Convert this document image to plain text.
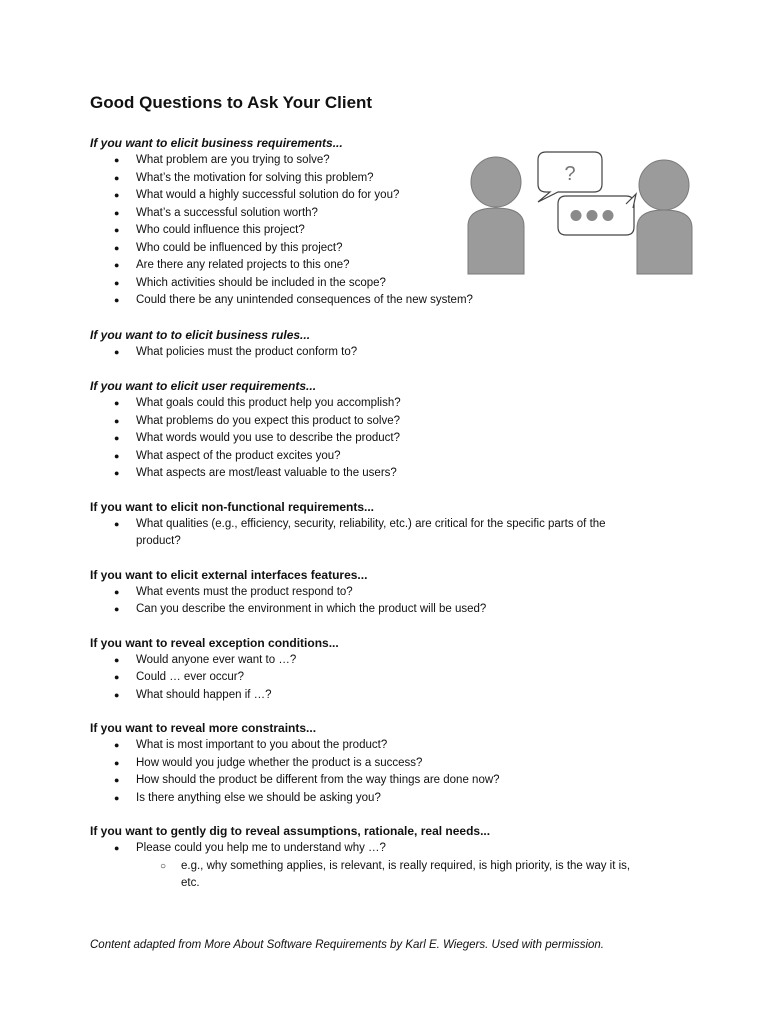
Good Questions to Ask Your Client
?

If you want to elicit business requirements...

● What problem are you trying to solve?
● What’s the motivation for solving this problem?
● What would a highly successful solution do for you?
● What’s a successful solution worth?
● Who could influence this project?
● Who could be influenced by this project?
● Are there any related projects to this one?
● Which activities should be included in the scope?
● Could there be any unintended consequences of the new system?

If you want to to elicit business rules...

● What policies must the product conform to?

If you want to elicit user requirements...

● What goals could this product help you accomplish?
● What problems do you expect this product to solve?
● What words would you use to describe the product?
● What aspect of the product excites you?
● What aspects are most/least valuable to the users?

If you want to elicit non-functional requirements...

● What qualities (e.g., efficiency, security, reliability, etc.) are critical for the specific parts of the product?

If you want to elicit external interfaces features...

● What events must the product respond to?
● Can you describe the environment in which the product will be used?

If you want to reveal exception conditions...

● Would anyone ever want to …?
● Could … ever occur?
● What should happen if …?

If you want to reveal more constraints...

● What is most important to you about the product?
● How would you judge whether the product is a success?
● How should the product be different from the way things are done now?
● Is there anything else we should be asking you?

If you want to gently dig to reveal assumptions, rationale, real needs...

● Please could you help me to understand why …?
○ e.g., why something applies, is relevant, is really required, is high priority, is the way it is, etc.

Content adapted from More About Software Requirements by Karl E. Wiegers. Used with permission.
